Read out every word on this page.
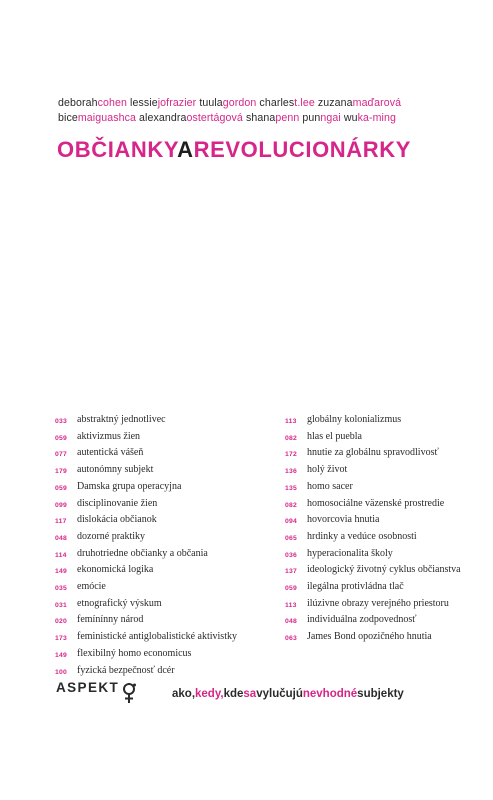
deborahcohen lessiejofrazier tuulagordon charlest.lee zuzanamaďarová
bicemaiguashca alexandraostertágová shanapenn punngai wuka-ming
OBČIANKYAREVOLUCIONÁRKY
033	abstraktný jednotlivec
059	aktivizmus žien
077	autentická vášeň
179	autonómny subjekt
059	Damska grupa operacyjna
099	disciplinovanie žien
117	dislokácia občianok
048	dozorné praktiky
114	druhotriedne občianky a občania
149	ekonomická logika
035	emócie
031	etnografický výskum
020	femínínny národ
173	feministické antiglobalistické aktivistky
149	flexibilný homo economicus
100	fyzická bezpečnosť dcér
113	globálny kolonializmus
082	hlas el puebla
172	hnutie za globálnu spravodlivosť
136	holý život
135	homo sacer
082	homosociálne väzenské prostredie
094	hovorcovia hnutia
065	hrdinky a vedúce osobnosti
036	hyperacionalita školy
137	ideologický životný cyklus občianstva
059	ilegálna protivládna tlač
113	ilúzivne obrazy verejného priestoru
048	individuálna zodpovednosť
063	James Bond opozičného hnutia
ASPEKT	ako,kedy,kdesavylučujúnevhodnésubjekty
